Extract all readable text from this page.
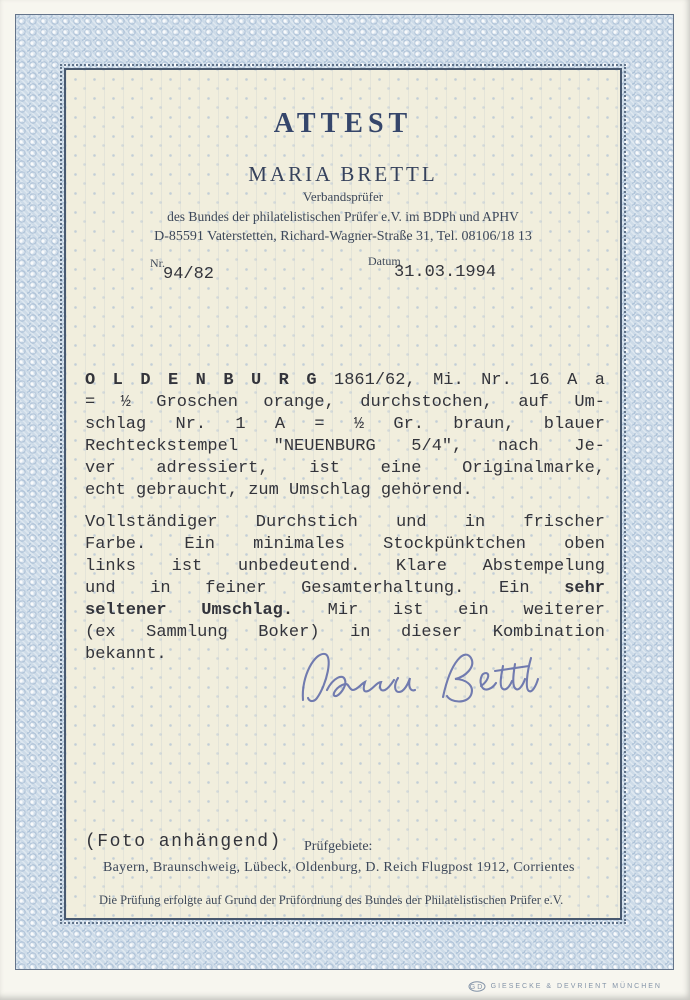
ATTEST
MARIA BRETTL
Verbandsprüfer
des Bundes der philatelistischen Prüfer e.V. im BDPh und APHV
D-85591 Vaterstetten, Richard-Wagner-Straße 31, Tel. 08106/18 13
Nr.
94/82
Datum
31.03.1994
O L D E N B U R G 1861/62, Mi. Nr. 16 A a
= ½ Groschen orange, durchstochen, auf Um-
schlag Nr. 1 A = ½ Gr. braun, blauer
Rechteckstempel "NEUENBURG 5/4", nach Je-
ver adressiert, ist eine Originalmarke,
echt gebraucht, zum Umschlag gehörend.
Vollständiger Durchstich und in frischer
Farbe. Ein minimales Stockpünktchen oben
links ist unbedeutend. Klare Abstempelung
und in feiner Gesamterhaltung. Ein sehr
seltener Umschlag. Mir ist ein weiterer
(ex Sammlung Boker) in dieser Kombination
bekannt.
(Foto anhängend) Prüfgebiete:
Bayern, Braunschweig, Lübeck, Oldenburg, D. Reich Flugpost 1912, Corrientes
Die Prüfung erfolgte auf Grund der Prüfordnung des Bundes der Philatelistischen Prüfer e.V.
GD GIESECKE & DEVRIENT MÜNCHEN
